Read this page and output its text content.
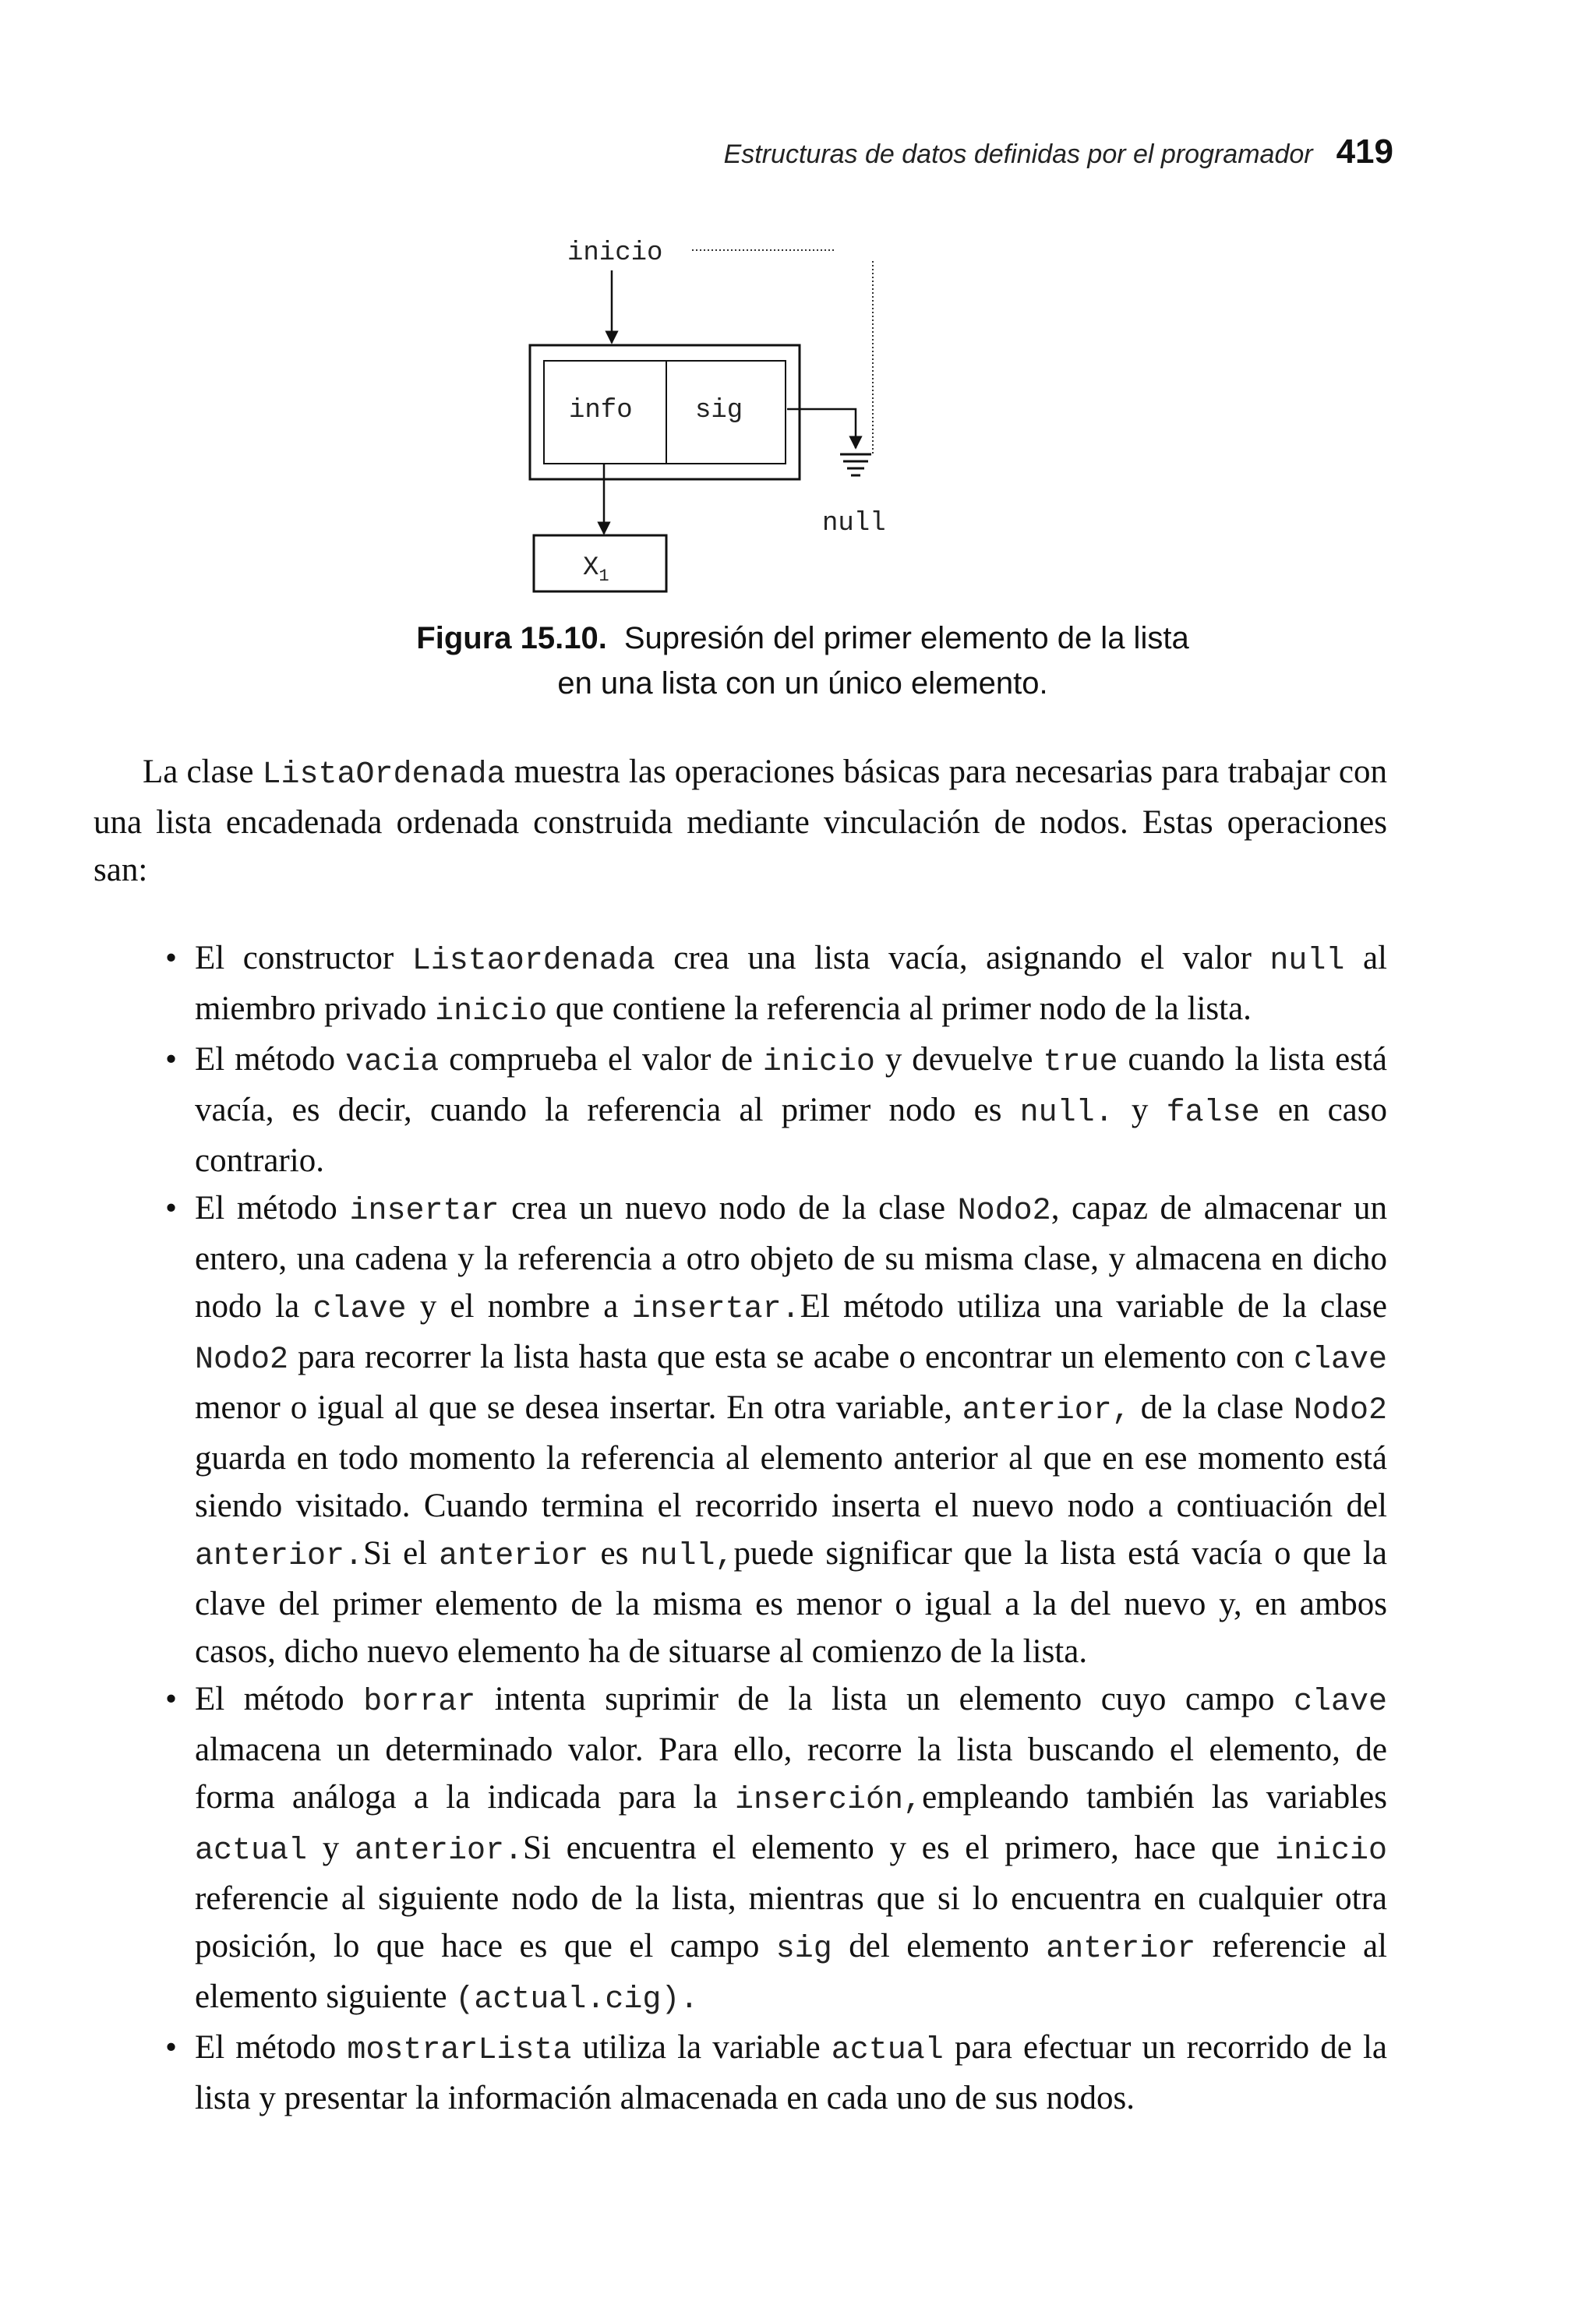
Estructuras de datos definidas por el programador 419
inicio
info sig
null
$X_1$
Figura 15.10. Supresión del primer elemento de la lista
en una lista con un único elemento.

La clase ListaOrdenada muestra las operaciones básicas para necesarias para trabajar con una lista encadenada ordenada construida mediante vinculación de nodos. Estas operaciones san:

• El constructor Listaordenada crea una lista vacía, asignando el valor null al miembro privado inicio que contiene la referencia al primer nodo de la lista.
• El método vacia comprueba el valor de inicio y devuelve true cuando la lista está vacía, es decir, cuando la referencia al primer nodo es null. y false en caso contrario.
• El método insertar crea un nuevo nodo de la clase Nodo2, capaz de almacenar un entero, una cadena y la referencia a otro objeto de su misma clase, y almacena en dicho nodo la clave y el nombre a insertar.El método utiliza una variable de la clase Nodo2 para recorrer la lista hasta que esta se acabe o encontrar un elemento con clave menor o igual al que se desea insertar. En otra variable, anterior, de la clase Nodo2 guarda en todo momento la referencia al elemento anterior al que en ese momento está siendo visitado. Cuando termina el recorrido inserta el nuevo nodo a contiuación del anterior.Si el anterior es null,puede significar que la lista está vacía o que la clave del primer elemento de la misma es menor o igual a la del nuevo y, en ambos casos, dicho nuevo elemento ha de situarse al comienzo de la lista.
• El método borrar intenta suprimir de la lista un elemento cuyo campo clave almacena un determinado valor. Para ello, recorre la lista buscando el elemento, de forma análoga a la indicada para la inserción,empleando también las variables actual y anterior.Si encuentra el elemento y es el primero, hace que inicio referencie al siguiente nodo de la lista, mientras que si lo encuentra en cualquier otra posición, lo que hace es que el campo sig del elemento anterior referencie al elemento siguiente (actual.cig).
• El método mostrarLista utiliza la variable actual para efectuar un recorrido de la lista y presentar la información almacenada en cada uno de sus nodos.
